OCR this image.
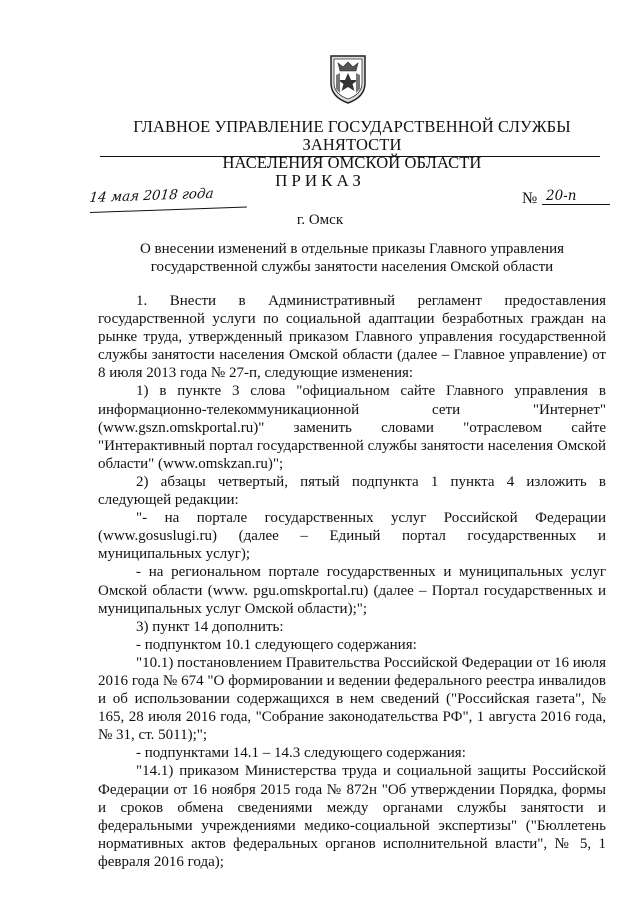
ГЛАВНОЕ УПРАВЛЕНИЕ ГОСУДАРСТВЕННОЙ СЛУЖБЫ ЗАНЯТОСТИ
НАСЕЛЕНИЯ ОМСКОЙ ОБЛАСТИ
ПРИКАЗ
14 мая 2018 года	№ 20-п
г. Омск
О внесении изменений в отдельные приказы Главного управления
государственной службы занятости населения Омской области

1. Внести в Административный регламент предоставления государственной услуги по социальной адаптации безработных граждан на рынке труда, утвержденный приказом Главного управления государственной службы занятости населения Омской области (далее – Главное управление) от 8 июля 2013 года № 27-п, следующие изменения:

1) в пункте 3 слова "официальном сайте Главного управления в информационно-телекоммуникационной сети "Интернет" (www.gszn.omskportal.ru)" заменить словами "отраслевом сайте "Интерактивный портал государственной службы занятости населения Омской области" (www.omskzan.ru)";

2) абзацы четвертый, пятый подпункта 1 пункта 4 изложить в следующей редакции:

"- на портале государственных услуг Российской Федерации (www.gosuslugi.ru) (далее – Единый портал государственных и муниципальных услуг);

- на региональном портале государственных и муниципальных услуг Омской области (www. pgu.omskportal.ru) (далее – Портал государственных и муниципальных услуг Омской области);";

3) пункт 14 дополнить:

- подпунктом 10.1 следующего содержания:

"10.1) постановлением Правительства Российской Федерации от 16 июля 2016 года № 674 "О формировании и ведении федерального реестра инвалидов и об использовании содержащихся в нем сведений ("Российская газета", № 165, 28 июля 2016 года, "Собрание законодательства РФ", 1 августа 2016 года, № 31, ст. 5011);";

- подпунктами 14.1 – 14.3 следующего содержания:

"14.1) приказом Министерства труда и социальной защиты Российской Федерации от 16 ноября 2015 года № 872н "Об утверждении Порядка, формы и сроков обмена сведениями между органами службы занятости и федеральными учреждениями медико-социальной экспертизы" ("Бюллетень нормативных актов федеральных органов исполнительной власти", № 5, 1 февраля 2016 года);
